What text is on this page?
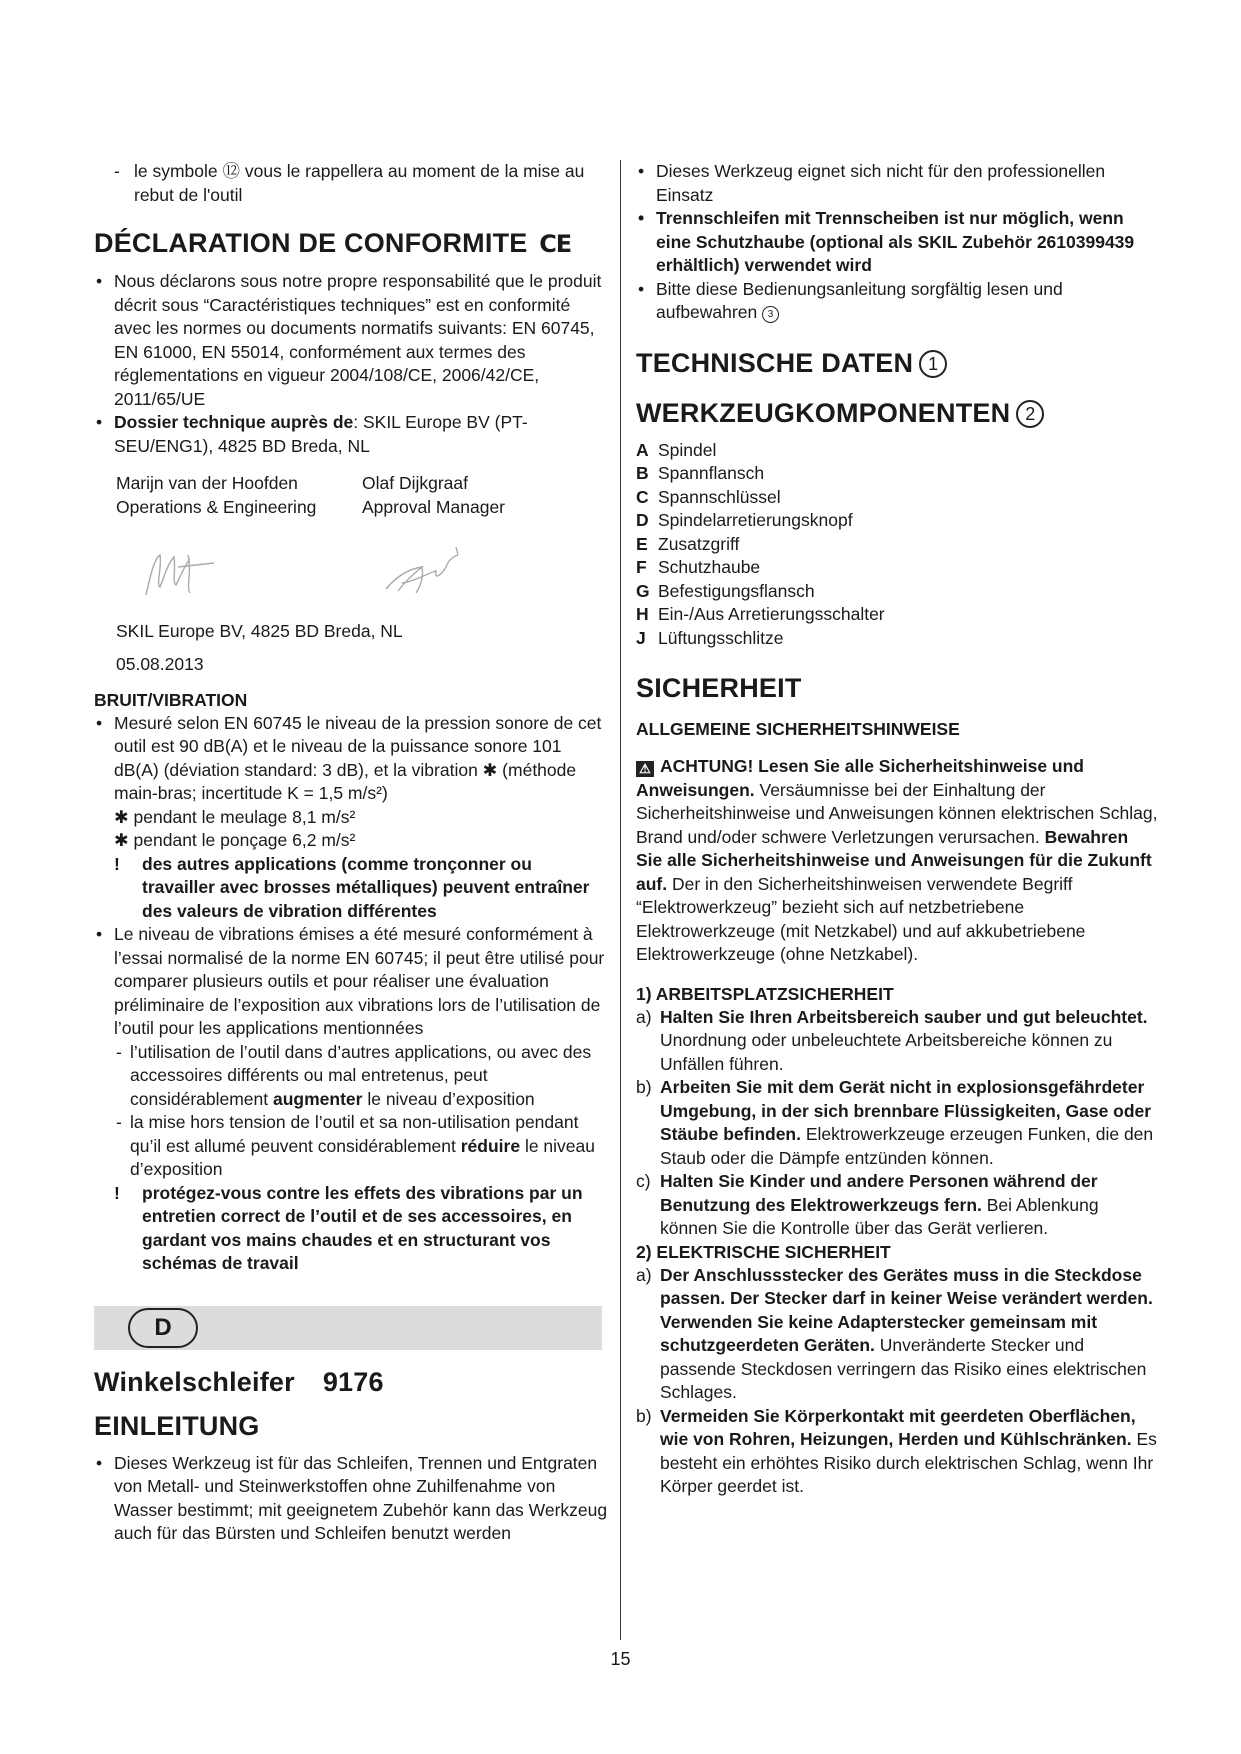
- le symbole ⑫ vous le rappellera au moment de la mise au rebut de l'outil

DÉCLARATION DE CONFORMITE CE

• Nous déclarons sous notre propre responsabilité que le produit décrit sous “Caractéristiques techniques” est en conformité avec les normes ou documents normatifs suivants: EN 60745, EN 61000, EN 55014, conformément aux termes des réglementations en vigueur 2004/108/CE, 2006/42/CE, 2011/65/UE
• Dossier technique auprès de: SKIL Europe BV (PT-SEU/ENG1), 4825 BD Breda, NL

Marijn van der Hoofden

Operations & Engineering

Olaf Dijkgraaf

Approval Manager

SKIL Europe BV, 4825 BD Breda, NL

05.08.2013

BRUIT/VIBRATION

• Mesuré selon EN 60745 le niveau de la pression sonore de cet outil est 90 dB(A) et le niveau de la puissance sonore 101 dB(A) (déviation standard: 3 dB), et la vibration ✱ (méthode main-bras; incertitude K = 1,5 m/s²)

✱ pendant le meulage 8,1 m/s²

✱ pendant le ponçage 6,2 m/s²

! des autres applications (comme tronçonner ou travailler avec brosses métalliques) peuvent entraîner des valeurs de vibration différentes

• Le niveau de vibrations émises a été mesuré conformément à l’essai normalisé de la norme EN 60745; il peut être utilisé pour comparer plusieurs outils et pour réaliser une évaluation préliminaire de l’exposition aux vibrations lors de l’utilisation de l’outil pour les applications mentionnées

- l’utilisation de l’outil dans d’autres applications, ou avec des accessoires différents ou mal entretenus, peut considérablement augmenter le niveau d’exposition

- la mise hors tension de l’outil et sa non-utilisation pendant qu’il est allumé peuvent considérablement réduire le niveau d’exposition

! protégez-vous contre les effets des vibrations par un entretien correct de l’outil et de ses accessoires, en gardant vos mains chaudes et en structurant vos schémas de travail

D

Winkelschleifer 9176

EINLEITUNG

• Dieses Werkzeug ist für das Schleifen, Trennen und Entgraten von Metall- und Steinwerkstoffen ohne Zuhilfenahme von Wasser bestimmt; mit geeignetem Zubehör kann das Werkzeug auch für das Bürsten und Schleifen benutzt werden
• Dieses Werkzeug eignet sich nicht für den professionellen Einsatz
• Trennschleifen mit Trennscheiben ist nur möglich, wenn eine Schutzhaube (optional als SKIL Zubehör 2610399439 erhältlich) verwendet wird
• Bitte diese Bedienungsanleitung sorgfältig lesen und aufbewahren 3

TECHNISCHE DATEN 1

WERKZEUGKOMPONENTEN 2

A Spindel
B Spannflansch
C Spannschlüssel
D Spindelarretierungsknopf
E Zusatzgriff
F Schutzhaube
G Befestigungsflansch
H Ein-/Aus Arretierungsschalter
J Lüftungsschlitze

SICHERHEIT

ALLGEMEINE SICHERHEITSHINWEISE

⚠ ACHTUNG! Lesen Sie alle Sicherheitshinweise und Anweisungen. Versäumnisse bei der Einhaltung der Sicherheitshinweise und Anweisungen können elektrischen Schlag, Brand und/oder schwere Verletzungen verursachen. Bewahren Sie alle Sicherheitshinweise und Anweisungen für die Zukunft auf. Der in den Sicherheitshinweisen verwendete Begriff “Elektrowerkzeug” bezieht sich auf netzbetriebene Elektrowerkzeuge (mit Netzkabel) und auf akkubetriebene Elektrowerkzeuge (ohne Netzkabel).

1) ARBEITSPLATZSICHERHEIT

a) Halten Sie Ihren Arbeitsbereich sauber und gut beleuchtet. Unordnung oder unbeleuchtete Arbeitsbereiche können zu Unfällen führen.

b) Arbeiten Sie mit dem Gerät nicht in explosionsgefährdeter Umgebung, in der sich brennbare Flüssigkeiten, Gase oder Stäube befinden. Elektrowerkzeuge erzeugen Funken, die den Staub oder die Dämpfe entzünden können.

c) Halten Sie Kinder und andere Personen während der Benutzung des Elektrowerkzeugs fern. Bei Ablenkung können Sie die Kontrolle über das Gerät verlieren.

2) ELEKTRISCHE SICHERHEIT

a) Der Anschlussstecker des Gerätes muss in die Steckdose passen. Der Stecker darf in keiner Weise verändert werden. Verwenden Sie keine Adapterstecker gemeinsam mit schutzgeerdeten Geräten. Unveränderte Stecker und passende Steckdosen verringern das Risiko eines elektrischen Schlages.

b) Vermeiden Sie Körperkontakt mit geerdeten Oberflächen, wie von Rohren, Heizungen, Herden und Kühlschränken. Es besteht ein erhöhtes Risiko durch elektrischen Schlag, wenn Ihr Körper geerdet ist.

15
